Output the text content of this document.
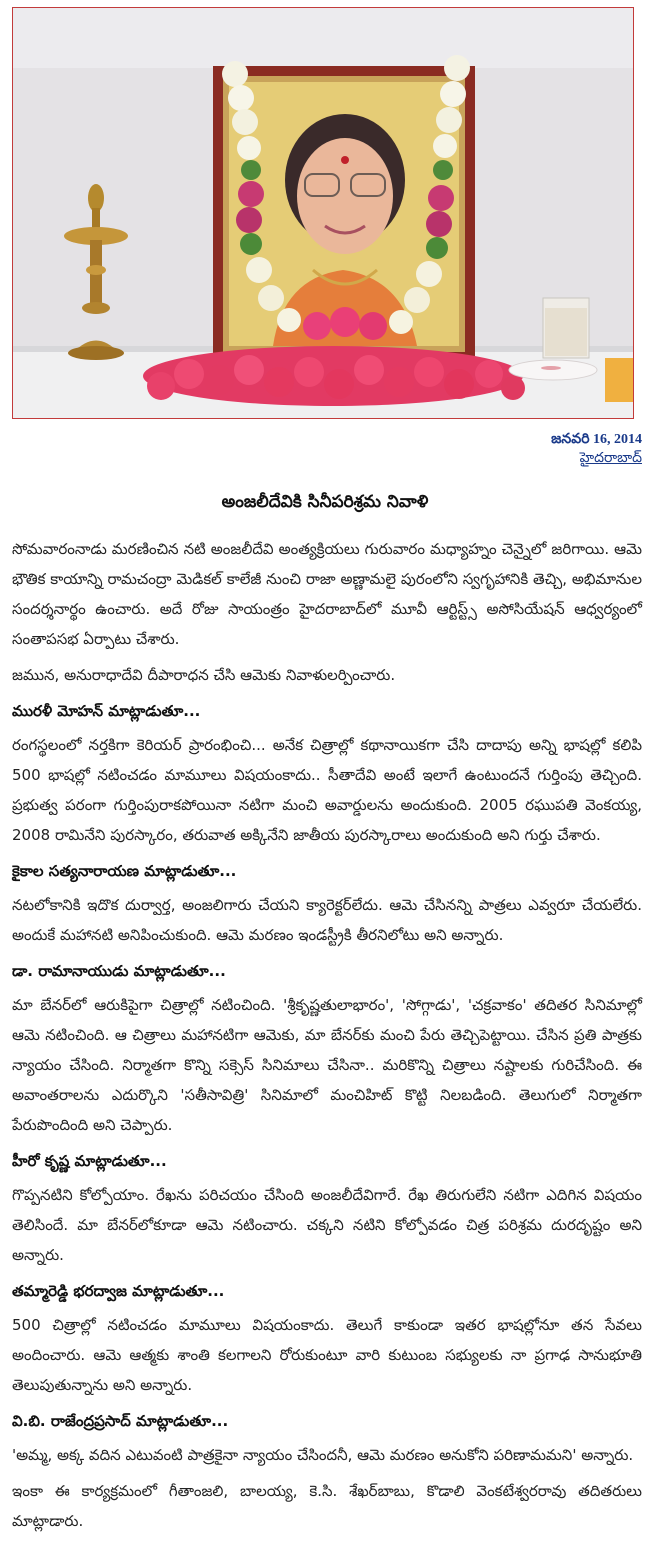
జనవరి 16, 2014
హైదరాబాద్
అంజలీదేవికి సినీపరిశ్రమ నివాళి

సోమవారంనాడు మరణించిన నటి అంజలీదేవి అంత్యక్రియలు గురువారం మధ్యాహ్నం చెన్నైలో జరిగాయి. ఆమె భౌతిక కాయాన్ని రామచంద్రా మెడికల్ కాలేజీ నుంచి రాజా అణ్ణామలై పురంలోని స్వగృహానికి తెచ్చి, అభిమానుల సందర్శనార్థం ఉంచారు. అదే రోజు సాయంత్రం హైదరాబాద్‌లో మూవీ ఆర్టిస్ట్స్ అసోసియేషన్ ఆధ్వర్యంలో సంతాపసభ ఏర్పాటు చేశారు.

జమున, అనురాధాదేవి దీపారాధన చేసి ఆమెకు నివాళులర్పించారు.

మురళీ మోహన్ మాట్లాడుతూ...

రంగస్థలంలో నర్తకిగా కెరియర్ ప్రారంభించి... అనేక చిత్రాల్లో కథానాయికగా చేసి దాదాపు అన్ని భాషల్లో కలిపి 500 భాషల్లో నటించడం మామూలు విషయంకాదు.. సీతాదేవి అంటే ఇలాగే ఉంటుందనే గుర్తింపు తెచ్చింది. ప్రభుత్వ పరంగా గుర్తింపురాకపోయినా నటిగా మంచి అవార్డులను అందుకుంది. 2005 రఘుపతి వెంకయ్య, 2008 రామినేని పురస్కారం, తరువాత అక్కినేని జాతీయ పురస్కారాలు అందుకుంది అని గుర్తు చేశారు.

కైకాల సత్యనారాయణ మాట్లాడుతూ...

నటలోకానికి ఇదొక దుర్వార్త, అంజలిగారు చేయని క్యారెక్టర్‌లేదు. ఆమె చేసినన్ని పాత్రలు ఎవ్వరూ చేయలేరు. అందుకే మహానటి అనిపించుకుంది. ఆమె మరణం ఇండస్ట్రీకి తీరనిలోటు అని అన్నారు.

డా. రామానాయుడు మాట్లాడుతూ...

మా బేనర్‌లో ఆరుకిపైగా చిత్రాల్లో నటించింది. 'శ్రీకృష్ణతులాభారం', 'సోగ్గాడు', 'చక్రవాకం' తదితర సినిమాల్లో ఆమె నటించింది. ఆ చిత్రాలు మహానటిగా ఆమెకు, మా బేనర్‌కు మంచి పేరు తెచ్చిపెట్టాయి. చేసిన ప్రతి పాత్రకు న్యాయం చేసింది. నిర్మాతగా కొన్ని సక్సెస్ సినిమాలు చేసినా.. మరికొన్ని చిత్రాలు నష్టాలకు గురిచేసింది. ఈ అవాంతరాలను ఎదుర్కొని 'సతీసావిత్రి' సినిమాలో మంచిహిట్ కొట్టి నిలబడింది. తెలుగులో నిర్మాతగా పేరుపొందింది అని చెప్పారు.

హీరో కృష్ణ మాట్లాడుతూ...

గొప్పనటిని కోల్పోయాం. రేఖను పరిచయం చేసింది అంజలీదేవిగారే. రేఖ తిరుగులేని నటిగా ఎదిగిన విషయం తెలిసిందే. మా బేనర్‌లోకూడా ఆమె నటించారు. చక్కని నటిని కోల్పోవడం చిత్ర పరిశ్రమ దురదృష్టం అని అన్నారు.

తమ్మారెడ్డి భరద్వాజ మాట్లాడుతూ...

500 చిత్రాల్లో నటించడం మామూలు విషయంకాదు. తెలుగే కాకుండా ఇతర భాషల్లోనూ తన సేవలు అందించారు. ఆమె ఆత్మకు శాంతి కలగాలని రోరుకుంటూ వారి కుటుంబ సభ్యులకు నా ప్రగాఢ సానుభూతి తెలుపుతున్నాను అని అన్నారు.

వి.బి. రాజేంద్రప్రసాద్ మాట్లాడుతూ...

'అమ్మ, అక్క వదిన ఎటువంటి పాత్రకైనా న్యాయం చేసిందనీ, ఆమె మరణం అనుకోని పరిణామమని' అన్నారు.

ఇంకా ఈ కార్యక్రమంలో గీతాంజలి, బాలయ్య, కె.సి. శేఖర్‌బాబు, కొడాలి వెంకటేశ్వరరావు తదితరులు మాట్లాడారు.
